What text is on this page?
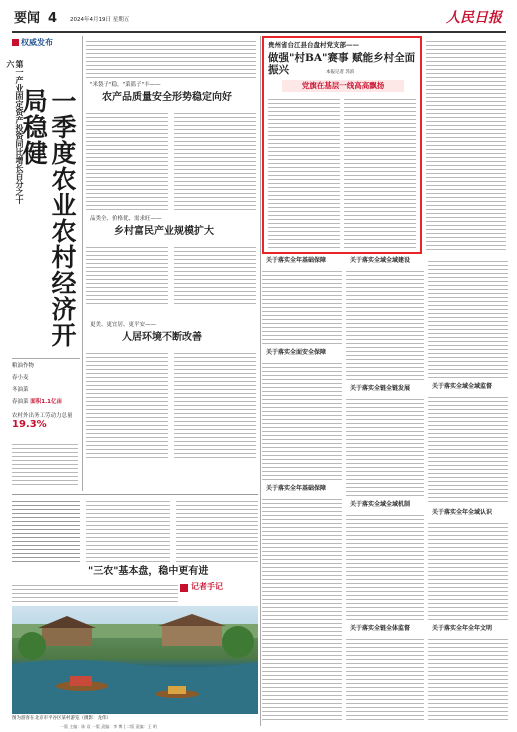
要闻 4 2024年4月19日 星期五	人民日报
权威发布
第一产业固定资产投资同比增长百分之十六
一季度农业农村经济开局稳健
粮油作物
春小麦
冬油菜
春油菜 面积1.1亿亩
农村外出务工劳动力总量
19.3%
"米袋子"稳，"菜篮子"丰——
农产品质量安全形势稳定向好
品类全、价格优、需求旺——
乡村富民产业规模扩大
更美、更宜居、更平安——
人居环境不断改善
"三农"基本盘，稳中更有进
记者手记
图为游客在北京市平谷区某村游览（摄影：龙伟）
一版 主编：陈 双 一版 责编：李 博 | 二版 责编：王 明
贵州省台江县台盘村党支部——
做强"村BA"赛事 赋能乡村全面振兴	本报记者 苏滨
党旗在基层一线高高飘扬
关于落实全年基础保障
关于落实全面安全保障
关于落实全年基础保障
关于落实全域全域建设
关于落实全链全链发展
关于落实全域全域机制
关于落实全链全体监督
关于落实全域全域监督
关于落实全年全域认识
关于落实全年全年文明
